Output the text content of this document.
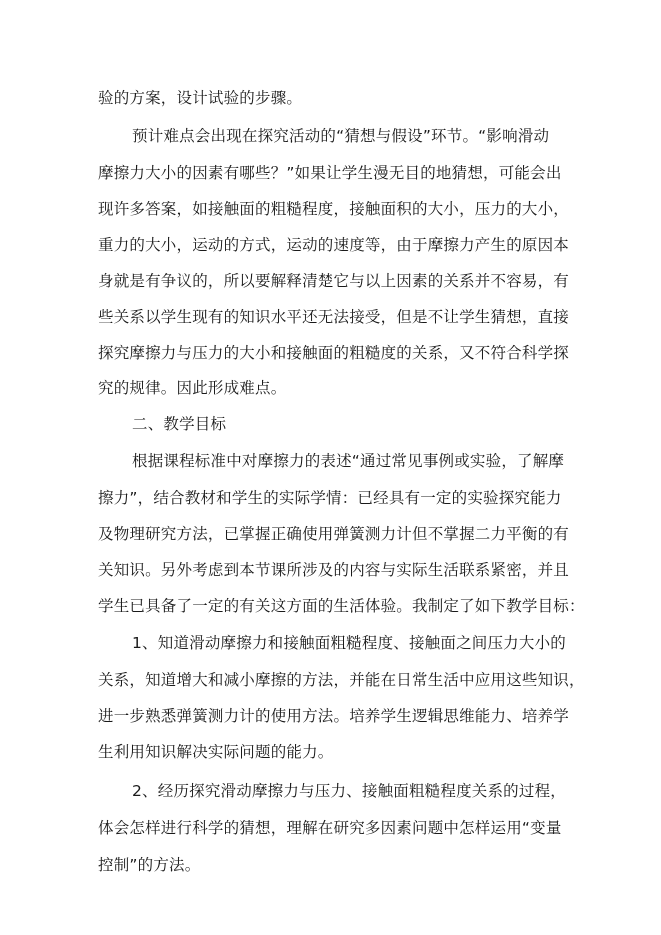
验的方案，设计试验的步骤。
预计难点会出现在探究活动的“猜想与假设”环节。“影响滑动
摩擦力大小的因素有哪些？”如果让学生漫无目的地猜想，可能会出
现许多答案，如接触面的粗糙程度，接触面积的大小，压力的大小，
重力的大小，运动的方式，运动的速度等，由于摩擦力产生的原因本
身就是有争议的，所以要解释清楚它与以上因素的关系并不容易，有
些关系以学生现有的知识水平还无法接受，但是不让学生猜想，直接
探究摩擦力与压力的大小和接触面的粗糙度的关系，又不符合科学探
究的规律。因此形成难点。
二、教学目标
根据课程标准中对摩擦力的表述“通过常见事例或实验，了解摩
擦力”，结合教材和学生的实际学情：已经具有一定的实验探究能力
及物理研究方法，已掌握正确使用弹簧测力计但不掌握二力平衡的有
关知识。另外考虑到本节课所涉及的内容与实际生活联系紧密，并且
学生已具备了一定的有关这方面的生活体验。我制定了如下教学目标：
1、知道滑动摩擦力和接触面粗糙程度、接触面之间压力大小的
关系，知道增大和减小摩擦的方法，并能在日常生活中应用这些知识，
进一步熟悉弹簧测力计的使用方法。培养学生逻辑思维能力、培养学
生利用知识解决实际问题的能力。
2、经历探究滑动摩擦力与压力、接触面粗糙程度关系的过程，
体会怎样进行科学的猜想，理解在研究多因素问题中怎样运用“变量
控制”的方法。
